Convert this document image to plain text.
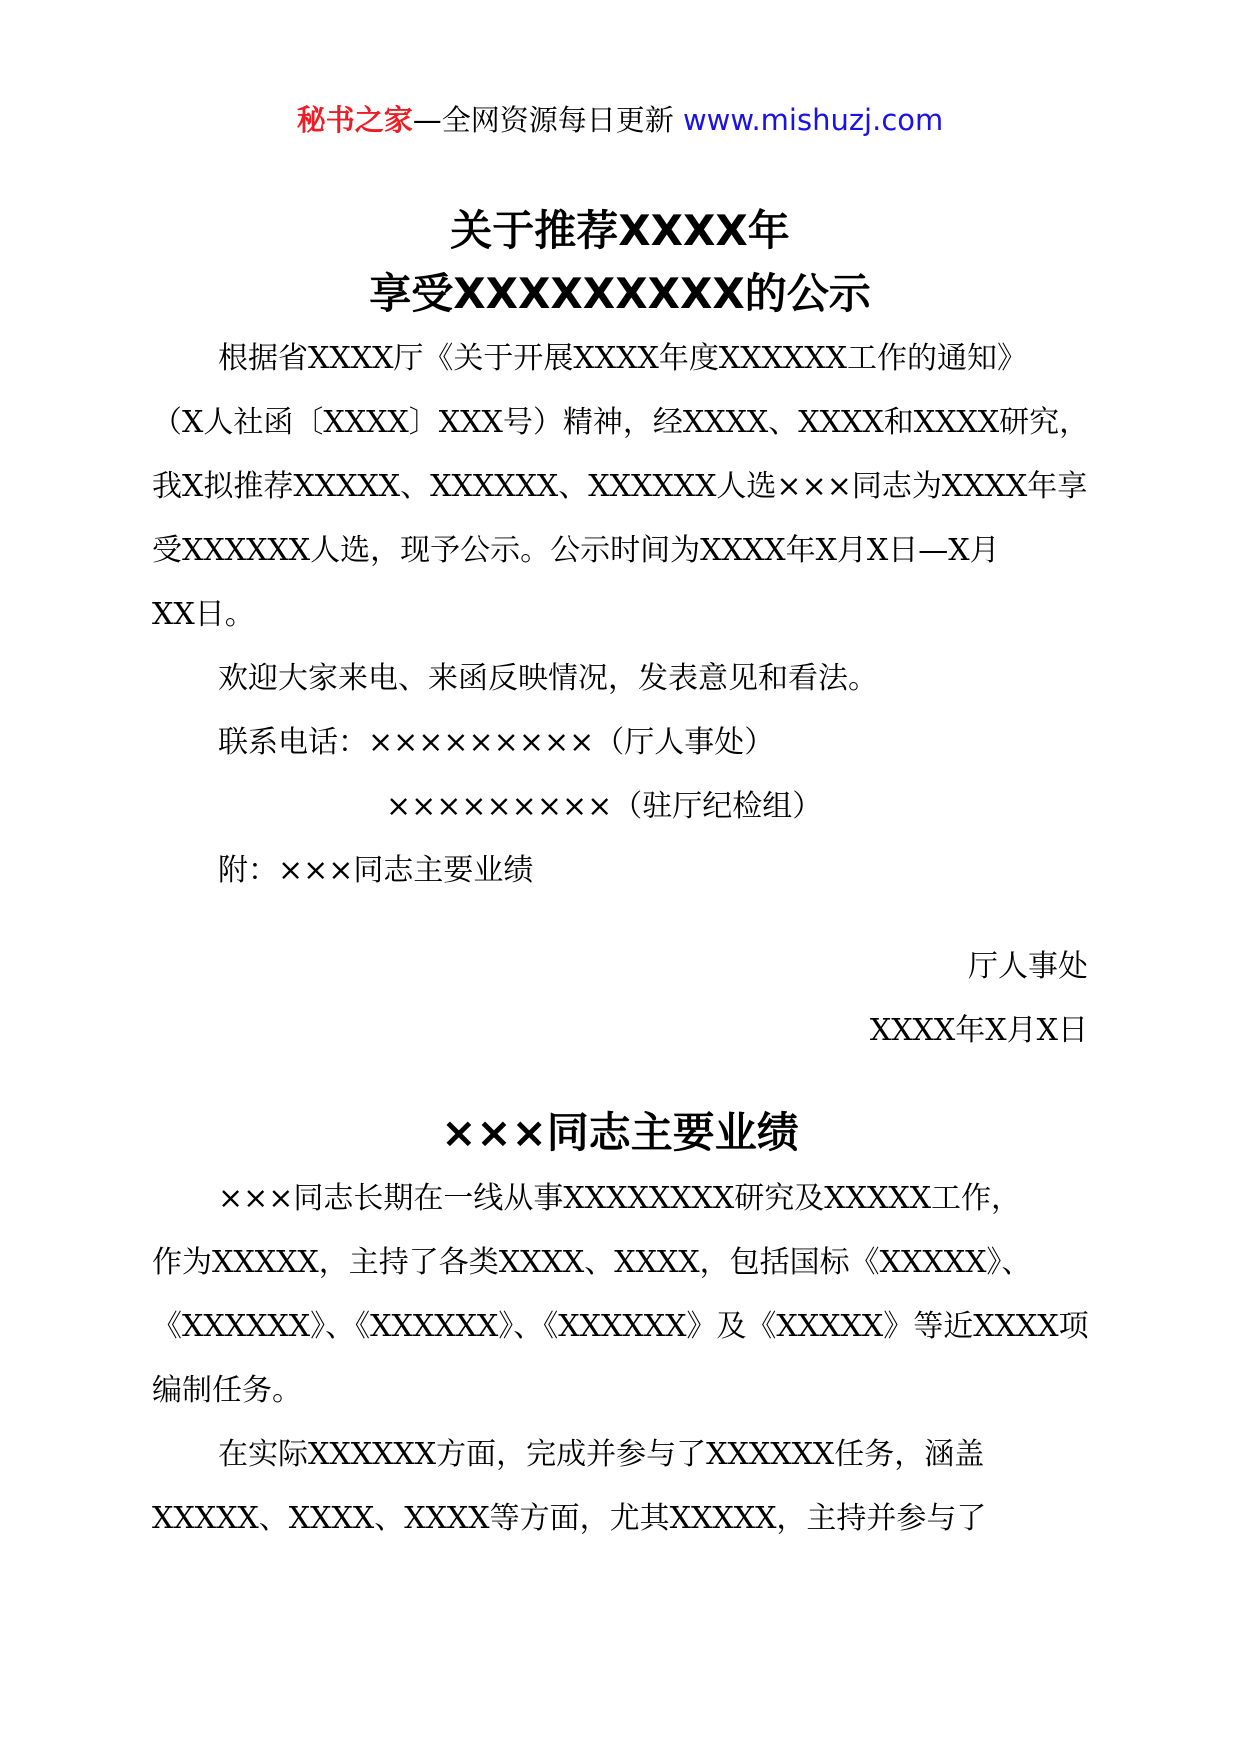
秘书之家—全网资源每日更新 www.mishuzj.com
关于推荐XXXX年
享受XXXXXXXXX的公示
根据省XXXX厅《关于开展XXXX年度XXXXXX工作的通知》
（X人社函〔XXXX〕XXX号）精神，经XXXX、XXXX和XXXX研究，
我X拟推荐XXXXX、XXXXXX、XXXXXX人选×××同志为XXXX年享
受XXXXXX人选，现予公示。公示时间为XXXX年X月X日—X月
XX日。
欢迎大家来电、来函反映情况，发表意见和看法。
联系电话：×××××××××（厅人事处）
×××××××××（驻厅纪检组）
附：×××同志主要业绩
厅人事处
XXXX年X月X日
×××同志主要业绩
×××同志长期在一线从事XXXXXXXX研究及XXXXX工作，
作为XXXXX，主持了各类XXXX、XXXX，包括国标《XXXXX》、
《XXXXXX》、《XXXXXX》、《XXXXXX》及《XXXXX》等近XXXX项
编制任务。
在实际XXXXXX方面，完成并参与了XXXXXX任务，涵盖
XXXXX、XXXX、XXXX等方面，尤其XXXXX，主持并参与了
